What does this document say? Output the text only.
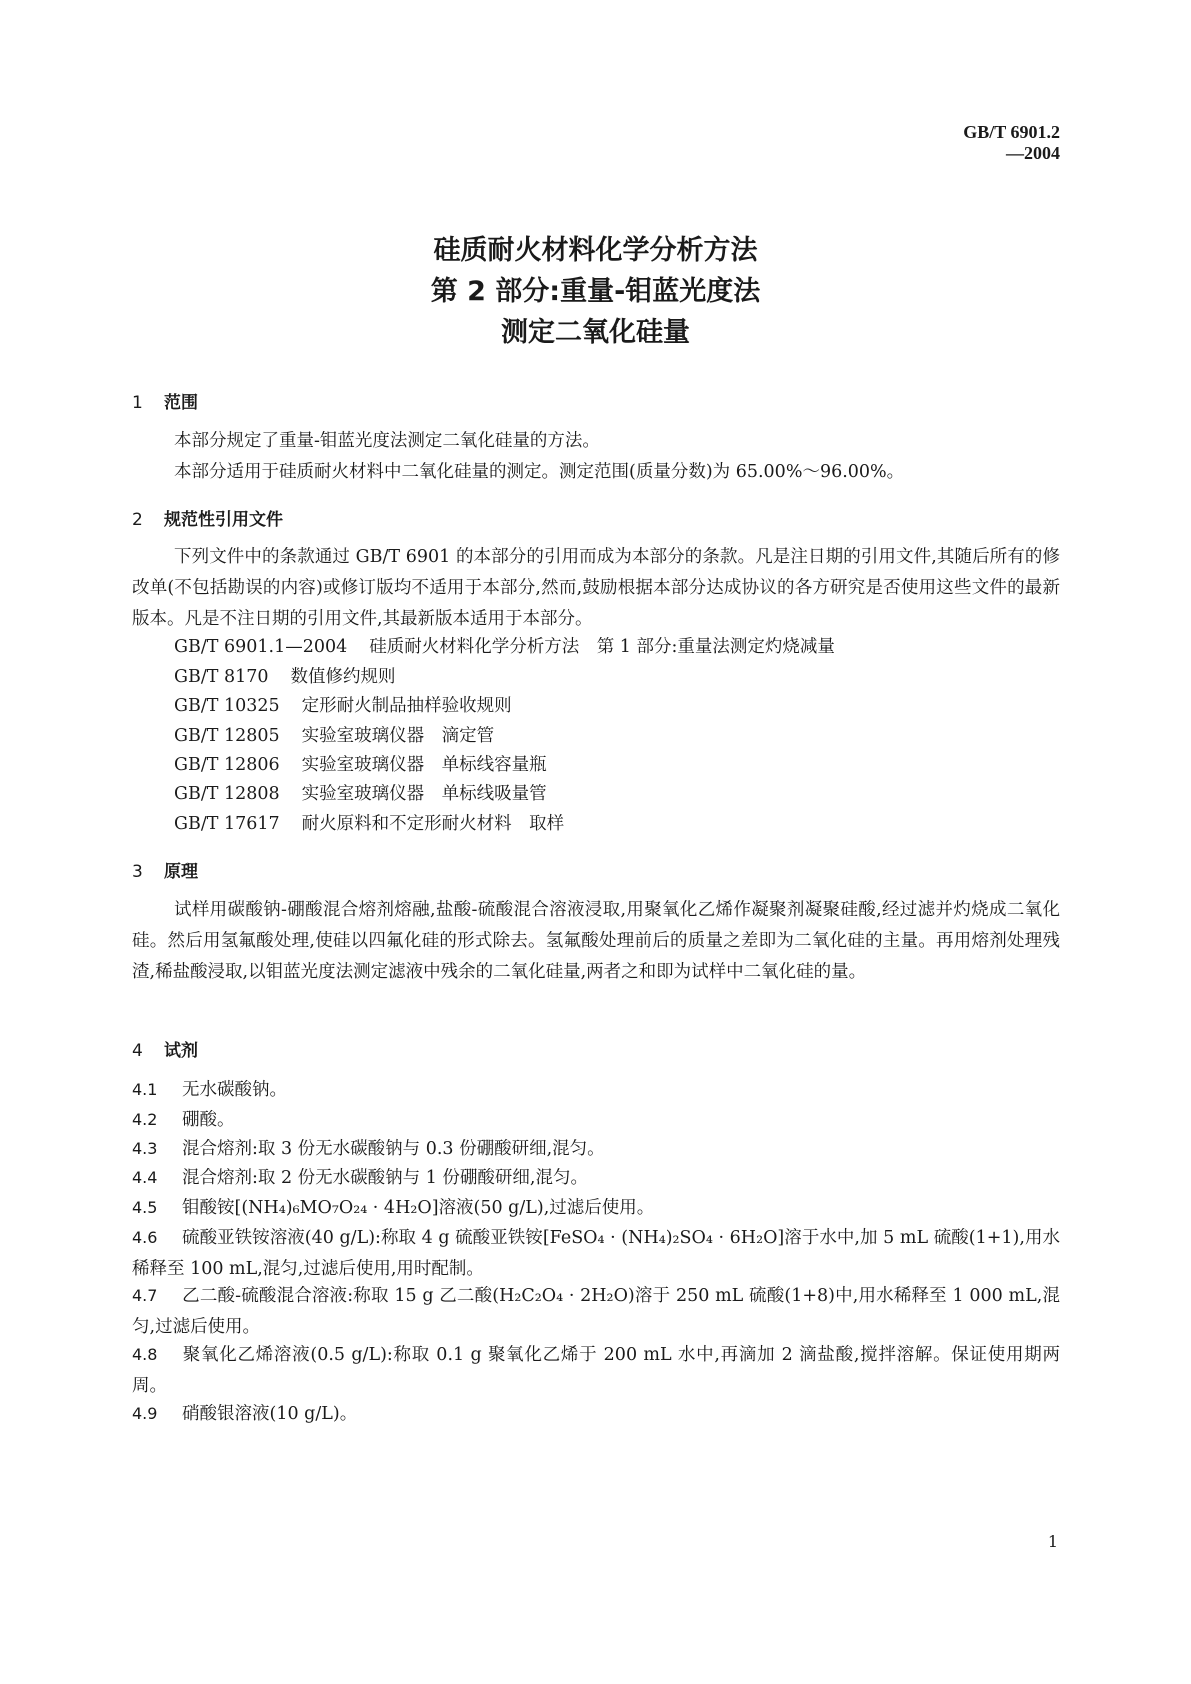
GB/T 6901.2—2004
硅质耐火材料化学分析方法
第 2 部分:重量-钼蓝光度法
测定二氧化硅量
1 范围
本部分规定了重量-钼蓝光度法测定二氧化硅量的方法。
本部分适用于硅质耐火材料中二氧化硅量的测定。测定范围(质量分数)为 65.00%～96.00%。
2 规范性引用文件
下列文件中的条款通过 GB/T 6901 的本部分的引用而成为本部分的条款。凡是注日期的引用文件,其随后所有的修改单(不包括勘误的内容)或修订版均不适用于本部分,然而,鼓励根据本部分达成协议的各方研究是否使用这些文件的最新版本。凡是不注日期的引用文件,其最新版本适用于本部分。
GB/T 6901.1—2004 硅质耐火材料化学分析方法　第 1 部分:重量法测定灼烧减量
GB/T 8170 数值修约规则
GB/T 10325 定形耐火制品抽样验收规则
GB/T 12805 实验室玻璃仪器　滴定管
GB/T 12806 实验室玻璃仪器　单标线容量瓶
GB/T 12808 实验室玻璃仪器　单标线吸量管
GB/T 17617 耐火原料和不定形耐火材料　取样
3 原理
试样用碳酸钠-硼酸混合熔剂熔融,盐酸-硫酸混合溶液浸取,用聚氧化乙烯作凝聚剂凝聚硅酸,经过滤并灼烧成二氧化硅。然后用氢氟酸处理,使硅以四氟化硅的形式除去。氢氟酸处理前后的质量之差即为二氧化硅的主量。再用熔剂处理残渣,稀盐酸浸取,以钼蓝光度法测定滤液中残余的二氧化硅量,两者之和即为试样中二氧化硅的量。
4 试剂
4.1 无水碳酸钠。
4.2 硼酸。
4.3 混合熔剂:取 3 份无水碳酸钠与 0.3 份硼酸研细,混匀。
4.4 混合熔剂:取 2 份无水碳酸钠与 1 份硼酸研细,混匀。
4.5 钼酸铵[(NH₄)₆MO₇O₂₄ · 4H₂O]溶液(50 g/L),过滤后使用。
4.6 硫酸亚铁铵溶液(40 g/L):称取 4 g 硫酸亚铁铵[FeSO₄ · (NH₄)₂SO₄ · 6H₂O]溶于水中,加 5 mL 硫酸(1+1),用水稀释至 100 mL,混匀,过滤后使用,用时配制。
4.7 乙二酸-硫酸混合溶液:称取 15 g 乙二酸(H₂C₂O₄ · 2H₂O)溶于 250 mL 硫酸(1+8)中,用水稀释至 1 000 mL,混匀,过滤后使用。
4.8 聚氧化乙烯溶液(0.5 g/L):称取 0.1 g 聚氧化乙烯于 200 mL 水中,再滴加 2 滴盐酸,搅拌溶解。保证使用期两周。
4.9 硝酸银溶液(10 g/L)。
1
